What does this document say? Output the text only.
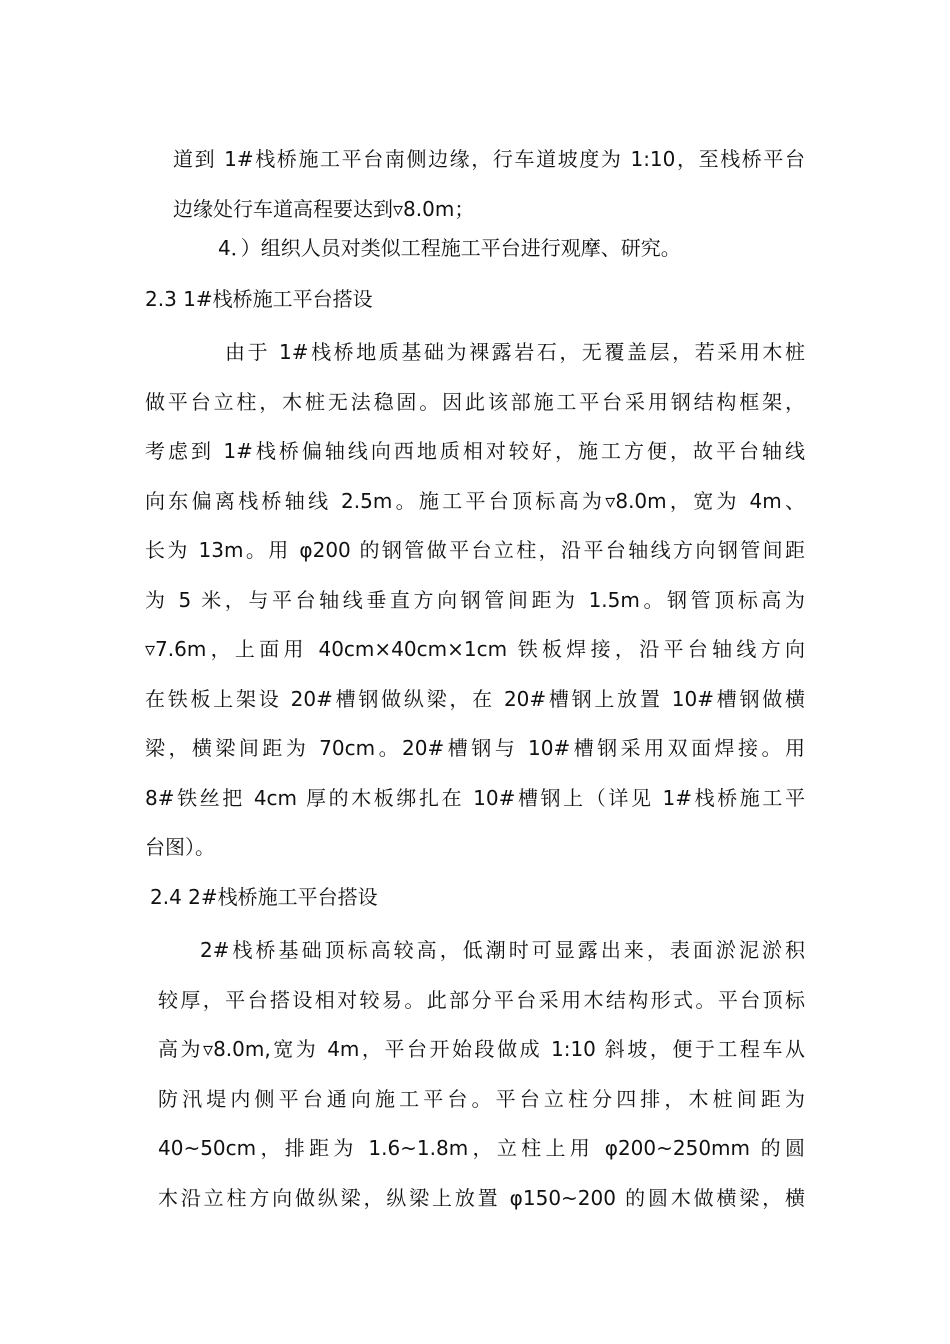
道到 1#栈桥施工平台南侧边缘，行车道坡度为 1:10，至栈桥平台
边缘处行车道高程要达到▿8.0m；
4．）组织人员对类似工程施工平台进行观摩、研究。
2.3 1#栈桥施工平台搭设
由于 1#栈桥地质基础为裸露岩石，无覆盖层，若采用木桩
做平台立柱，木桩无法稳固。因此该部施工平台采用钢结构框架，
考虑到 1#栈桥偏轴线向西地质相对较好，施工方便，故平台轴线
向东偏离栈桥轴线 2.5m。施工平台顶标高为▿8.0m，宽为 4m、
长为 13m。用 φ200 的钢管做平台立柱，沿平台轴线方向钢管间距
为 5 米，与平台轴线垂直方向钢管间距为 1.5m。钢管顶标高为
▿7.6m，上面用 40cm×40cm×1cm 铁板焊接，沿平台轴线方向
在铁板上架设 20#槽钢做纵梁，在 20#槽钢上放置 10#槽钢做横
梁，横梁间距为 70cm。20#槽钢与 10#槽钢采用双面焊接。用
8#铁丝把 4cm 厚的木板绑扎在 10#槽钢上（详见 1#栈桥施工平
台图）。
2.4 2#栈桥施工平台搭设
2#栈桥基础顶标高较高，低潮时可显露出来，表面淤泥淤积
较厚，平台搭设相对较易。此部分平台采用木结构形式。平台顶标
高为▿8.0m,宽为 4m，平台开始段做成 1:10 斜坡，便于工程车从
防汛堤内侧平台通向施工平台。平台立柱分四排，木桩间距为
40~50cm，排距为 1.6~1.8m，立柱上用 φ200~250mm 的圆
木沿立柱方向做纵梁，纵梁上放置 φ150~200 的圆木做横梁，横
